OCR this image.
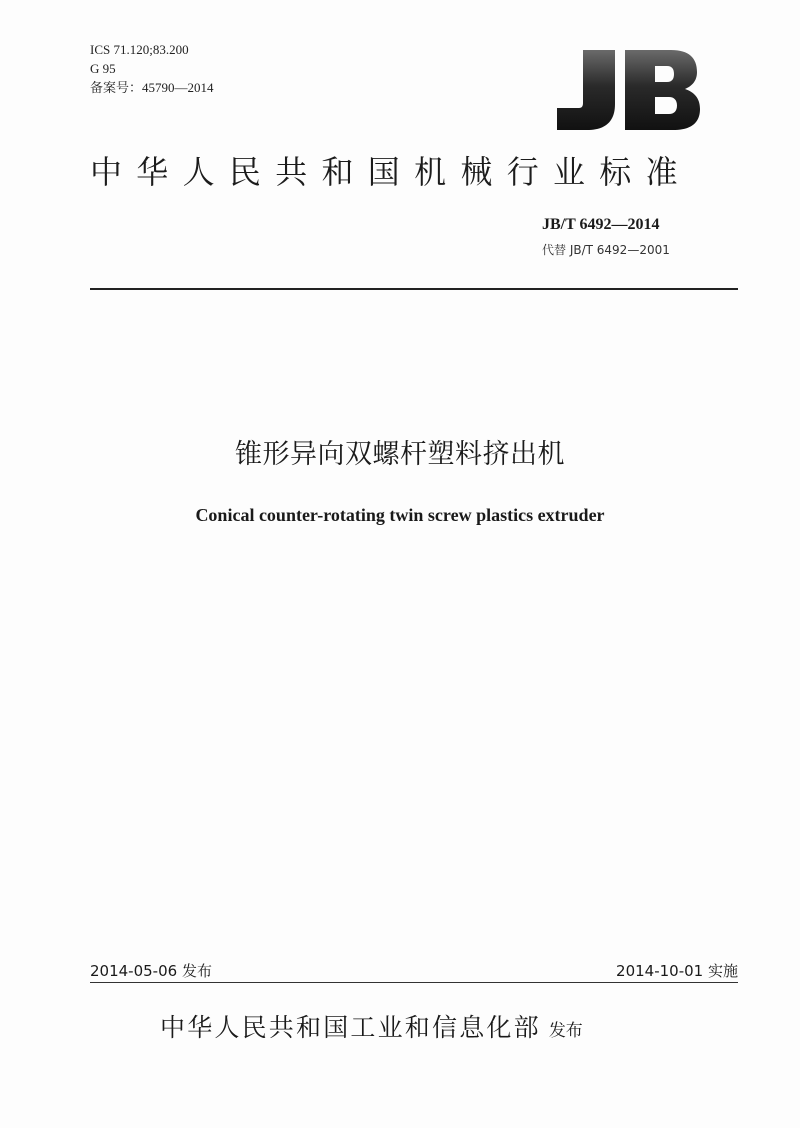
ICS 71.120;83.200
G 95
备案号：45790—2014
中华人民共和国机械行业标准
JB/T 6492—2014
代替 JB/T 6492—2001
锥形异向双螺杆塑料挤出机
Conical counter-rotating twin screw plastics extruder
2014-05-06 发布	2014-10-01 实施
中华人民共和国工业和信息化部 发布
